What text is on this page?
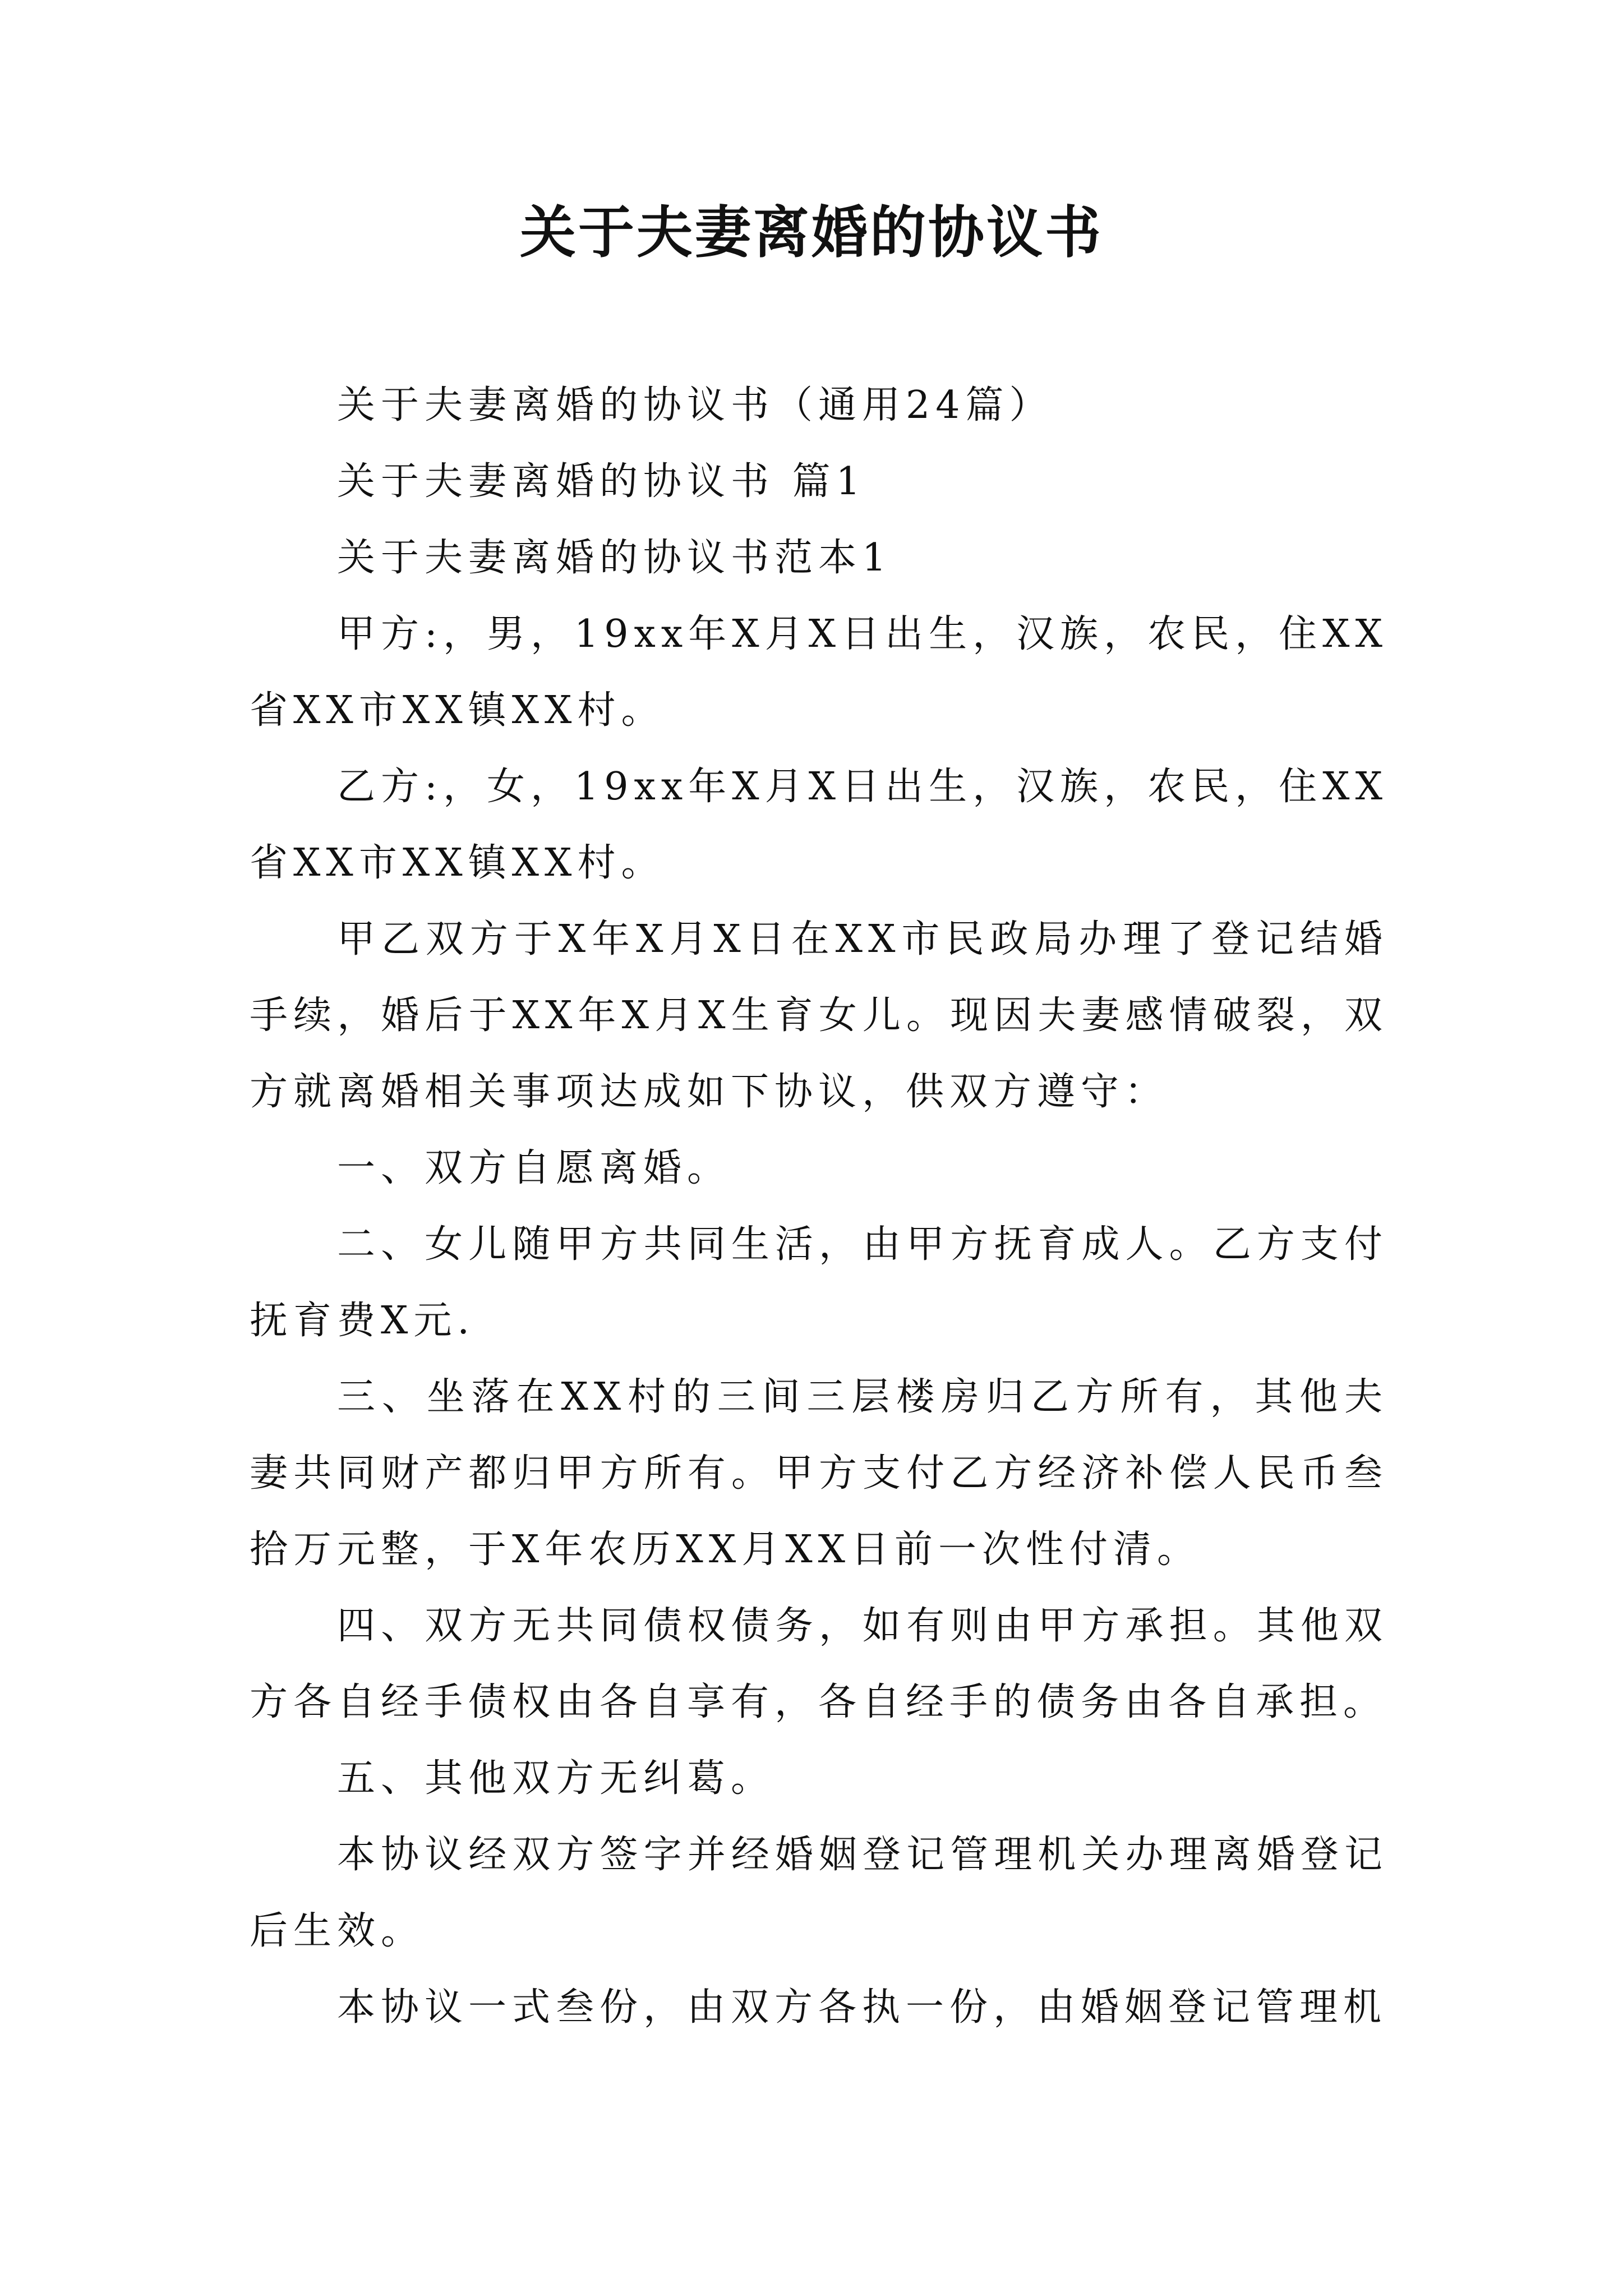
关于夫妻离婚的协议书

关于夫妻离婚的协议书（通用24篇）

关于夫妻离婚的协议书 篇1

关于夫妻离婚的协议书范本1

甲方:，男，19xx年X月X日出生，汉族，农民，住XX省XX市XX镇XX村。

乙方:，女，19xx年X月X日出生，汉族，农民，住XX省XX市XX镇XX村。

甲乙双方于X年X月X日在XX市民政局办理了登记结婚手续，婚后于XX年X月X生育女儿。现因夫妻感情破裂，双方就离婚相关事项达成如下协议，供双方遵守：

一、双方自愿离婚。

二、女儿随甲方共同生活，由甲方抚育成人。乙方支付抚育费X元.

三、坐落在XX村的三间三层楼房归乙方所有，其他夫妻共同财产都归甲方所有。甲方支付乙方经济补偿人民币叁拾万元整，于X年农历XX月XX日前一次性付清。

四、双方无共同债权债务，如有则由甲方承担。其他双方各自经手债权由各自享有，各自经手的债务由各自承担。

五、其他双方无纠葛。

本协议经双方签字并经婚姻登记管理机关办理离婚登记后生效。

本协议一式叁份，由双方各执一份，由婚姻登记管理机
